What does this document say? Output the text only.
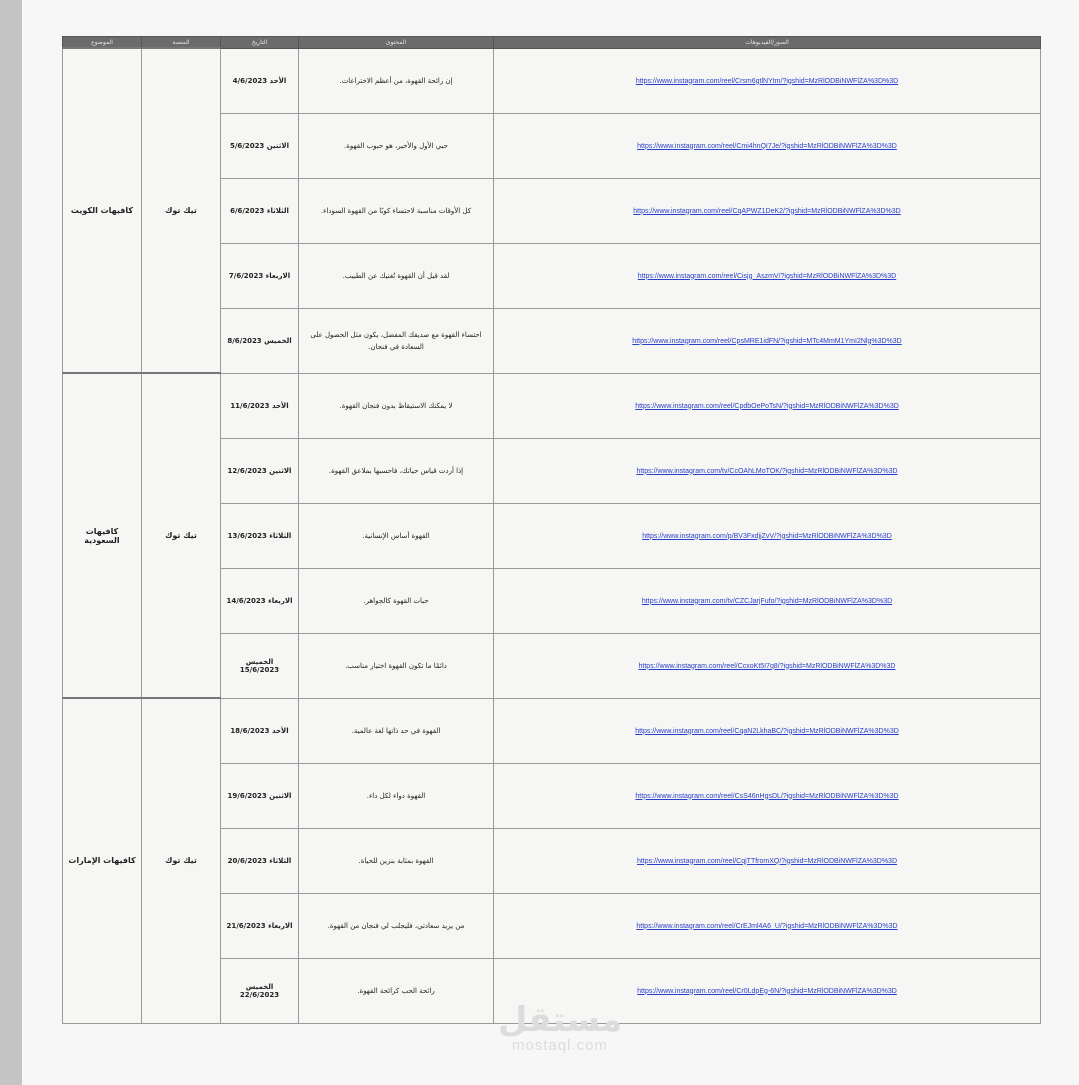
الموضوع	المنصة	التاريخ	المحتوى	الصور/الفيديوهات
كافيهات الكويت	تيك توك	الأحد 4/6/2023	إن رائحة القهوة، من أعظم الاختراعات.	https://www.instagram.com/reel/Crsm6gtlNYtm/?igshid=MzRlODBiNWFlZA%3D%3D
		الاثنين 5/6/2023	حبي الأول والأخير، هو حبوب القهوة.	https://www.instagram.com/reel/Cmi4hnQI7Je/?igshid=MzRlODBiNWFlZA%3D%3D
		الثلاثاء 6/6/2023	كل الأوقات مناسبة لاحتساء كوبًا من القهوة السوداء.	https://www.instagram.com/reel/CqAPWZ1DeK2/?igshid=MzRlODBiNWFlZA%3D%3D
		الاربعاء 7/6/2023	لقد قيل أن القهوة تُغنيك عن الطبيب.	https://www.instagram.com/reel/Cisjg_AszmV/?igshid=MzRlODBiNWFlZA%3D%3D
		الخميس 8/6/2023	احتساء القهوة مع صديقك المفضل، يكون مثل الحصول على السعادة في فنجان.	https://www.instagram.com/reel/CpsMRE1idFN/?igshid=MTc4MmM1YmI2Nlg%3D%3D
كافيهات السعودية	تيك توك	الأحد 11/6/2023	لا يمكنك الاستيقاظ بدون فنجان القهوة.	https://www.instagram.com/reel/CpdbOePoTsN/?igshid=MzRlODBiNWFlZA%3D%3D
		الاثنين 12/6/2023	إذا أردت قياس حياتك، فاحسبها بملاعق القهوة.	https://www.instagram.com/tv/CcOAhLMoTOK/?igshid=MzRlODBiNWFlZA%3D%3D
		الثلاثاء 13/6/2023	القهوة أساس الإنسانية.	https://www.instagram.com/p/BV3FxdjjZvV/?igshid=MzRlODBiNWFlZA%3D%3D
		الاربعاء 14/6/2023	حبات القهوة كالجواهر.	https://www.instagram.com/tv/CZCJarjFufo/?igshid=MzRlODBiNWFlZA%3D%3D
		الخميس 15/6/2023	دائمًا ما تكون القهوة اختيار مناسب.	https://www.instagram.com/reel/CcxoKt5I7q8/?igshid=MzRlODBiNWFlZA%3D%3D
كافيهات الإمارات	تيك توك	الأحد 18/6/2023	القهوة في حد ذاتها لغة عالمية.	https://www.instagram.com/reel/CqaN2LkhaBC/?igshid=MzRlODBiNWFlZA%3D%3D
		الاثنين 19/6/2023	القهوة دواء لكل داء.	https://www.instagram.com/reel/CsS46nHgsDL/?igshid=MzRlODBiNWFlZA%3D%3D
		الثلاثاء 20/6/2023	القهوة بمثابة بنزين للحياة.	https://www.instagram.com/reel/CqjTTfromXQ/?igshid=MzRlODBiNWFlZA%3D%3D
		الاربعاء 21/6/2023	من يريد سعادتي، فليجلب لي فنجان من القهوة.	https://www.instagram.com/reel/CrEJml4A6_U/?igshid=MzRlODBiNWFlZA%3D%3D
		الخميس 22/6/2023	رائحة الحب كرائحة القهوة.	https://www.instagram.com/reel/Cr0LdpEg-6N/?igshid=MzRlODBiNWFlZA%3D%3D
مستقل
mostaql.com
